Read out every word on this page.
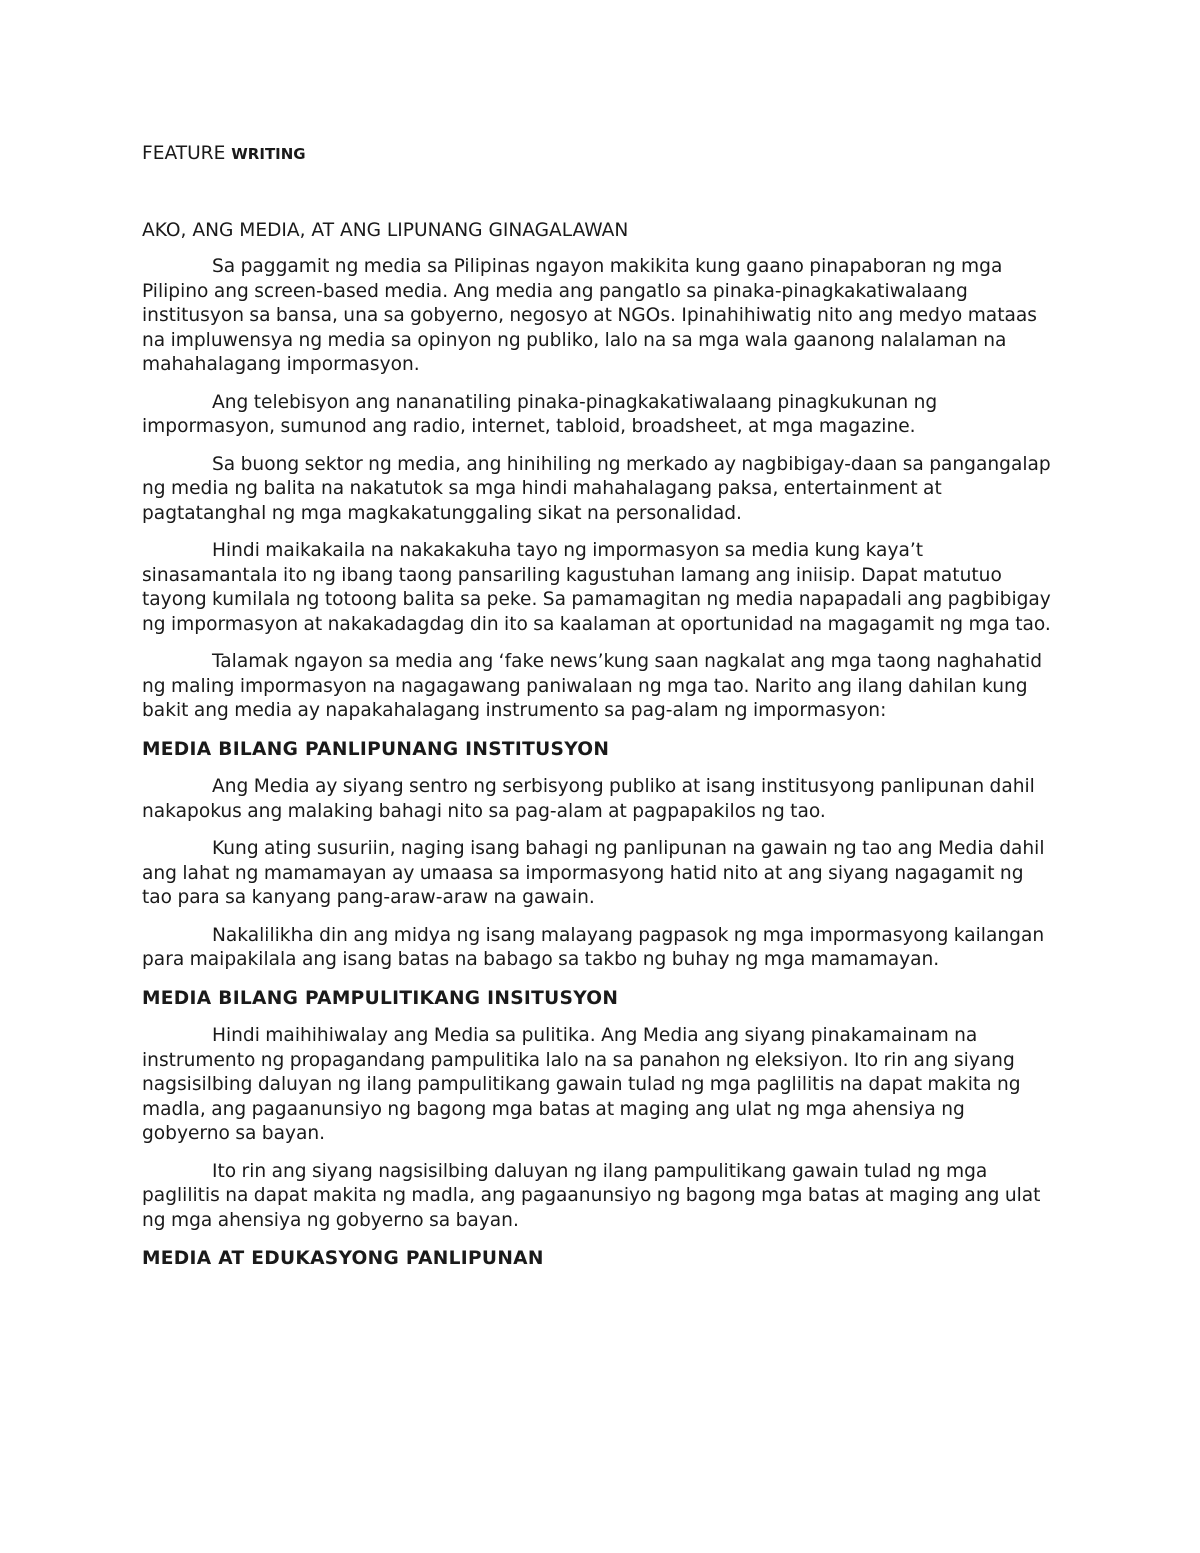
FEATURE WRITING
AKO, ANG MEDIA, AT ANG LIPUNANG GINAGALAWAN

Sa paggamit ng media sa Pilipinas ngayon makikita kung gaano pinapaboran ng mga Pilipino ang screen-based media. Ang media ang pangatlo sa pinaka-pinagkakatiwalaang institusyon sa bansa, una sa gobyerno, negosyo at NGOs. Ipinahihiwatig nito ang medyo mataas na impluwensya ng media sa opinyon ng publiko, lalo na sa mga wala gaanong nalalaman na mahahalagang impormasyon.

Ang telebisyon ang nananatiling pinaka-pinagkakatiwalaang pinagkukunan ng impormasyon, sumunod ang radio, internet, tabloid, broadsheet, at mga magazine.

Sa buong sektor ng media, ang hinihiling ng merkado ay nagbibigay-daan sa pangangalap ng media ng balita na nakatutok sa mga hindi mahahalagang paksa, entertainment at pagtatanghal ng mga magkakatunggaling sikat na personalidad.

Hindi maikakaila na nakakakuha tayo ng impormasyon sa media kung kaya’t sinasamantala ito ng ibang taong pansariling kagustuhan lamang ang iniisip. Dapat matutuo tayong kumilala ng totoong balita sa peke. Sa pamamagitan ng media napapadali ang pagbibigay ng impormasyon at nakakadagdag din ito sa kaalaman at oportunidad na magagamit ng mga tao.

Talamak ngayon sa media ang ‘fake news’kung saan nagkalat ang mga taong naghahatid ng maling impormasyon na nagagawang paniwalaan ng mga tao. Narito ang ilang dahilan kung bakit ang media ay napakahalagang instrumento sa pag-alam ng impormasyon:

MEDIA BILANG PANLIPUNANG INSTITUSYON

Ang Media ay siyang sentro ng serbisyong publiko at isang institusyong panlipunan dahil nakapokus ang malaking bahagi nito sa pag-alam at pagpapakilos ng tao.

Kung ating susuriin, naging isang bahagi ng panlipunan na gawain ng tao ang Media dahil ang lahat ng mamamayan ay umaasa sa impormasyong hatid nito at ang siyang nagagamit ng tao para sa kanyang pang-araw-araw na gawain.

Nakalilikha din ang midya ng isang malayang pagpasok ng mga impormasyong kailangan para maipakilala ang isang batas na babago sa takbo ng buhay ng mga mamamayan.

MEDIA BILANG PAMPULITIKANG INSITUSYON

Hindi maihihiwalay ang Media sa pulitika. Ang Media ang siyang pinakamainam na instrumento ng propagandang pampulitika lalo na sa panahon ng eleksiyon. Ito rin ang siyang nagsisilbing daluyan ng ilang pampulitikang gawain tulad ng mga paglilitis na dapat makita ng madla, ang pagaanunsiyo ng bagong mga batas at maging ang ulat ng mga ahensiya ng gobyerno sa bayan.

Ito rin ang siyang nagsisilbing daluyan ng ilang pampulitikang gawain tulad ng mga paglilitis na dapat makita ng madla, ang pagaanunsiyo ng bagong mga batas at maging ang ulat ng mga ahensiya ng gobyerno sa bayan.

MEDIA AT EDUKASYONG PANLIPUNAN
